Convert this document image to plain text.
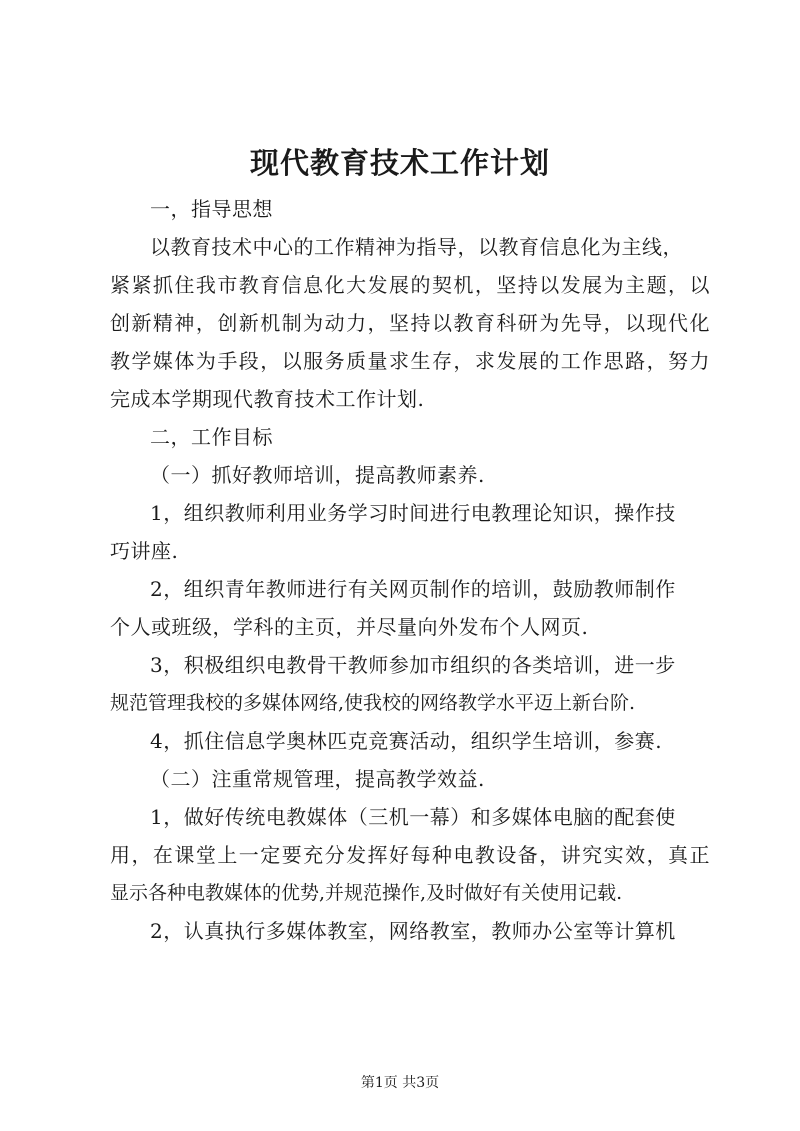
现代教育技术工作计划
一，指导思想
以教育技术中心的工作精神为指导，以教育信息化为主线，
紧紧抓住我市教育信息化大发展的契机，坚持以发展为主题，以
创新精神，创新机制为动力，坚持以教育科研为先导，以现代化
教学媒体为手段，以服务质量求生存，求发展的工作思路，努力
完成本学期现代教育技术工作计划.
二，工作目标
（一）抓好教师培训，提高教师素养.
1，组织教师利用业务学习时间进行电教理论知识，操作技
巧讲座.
2，组织青年教师进行有关网页制作的培训，鼓励教师制作
个人或班级，学科的主页，并尽量向外发布个人网页.
3，积极组织电教骨干教师参加市组织的各类培训，进一步
规范管理我校的多媒体网络,使我校的网络教学水平迈上新台阶.
4，抓住信息学奥林匹克竞赛活动，组织学生培训，参赛.
（二）注重常规管理，提高教学效益.
1，做好传统电教媒体（三机一幕）和多媒体电脑的配套使
用，在课堂上一定要充分发挥好每种电教设备，讲究实效，真正
显示各种电教媒体的优势,并规范操作,及时做好有关使用记载.
2，认真执行多媒体教室，网络教室，教师办公室等计算机
第1页 共3页
